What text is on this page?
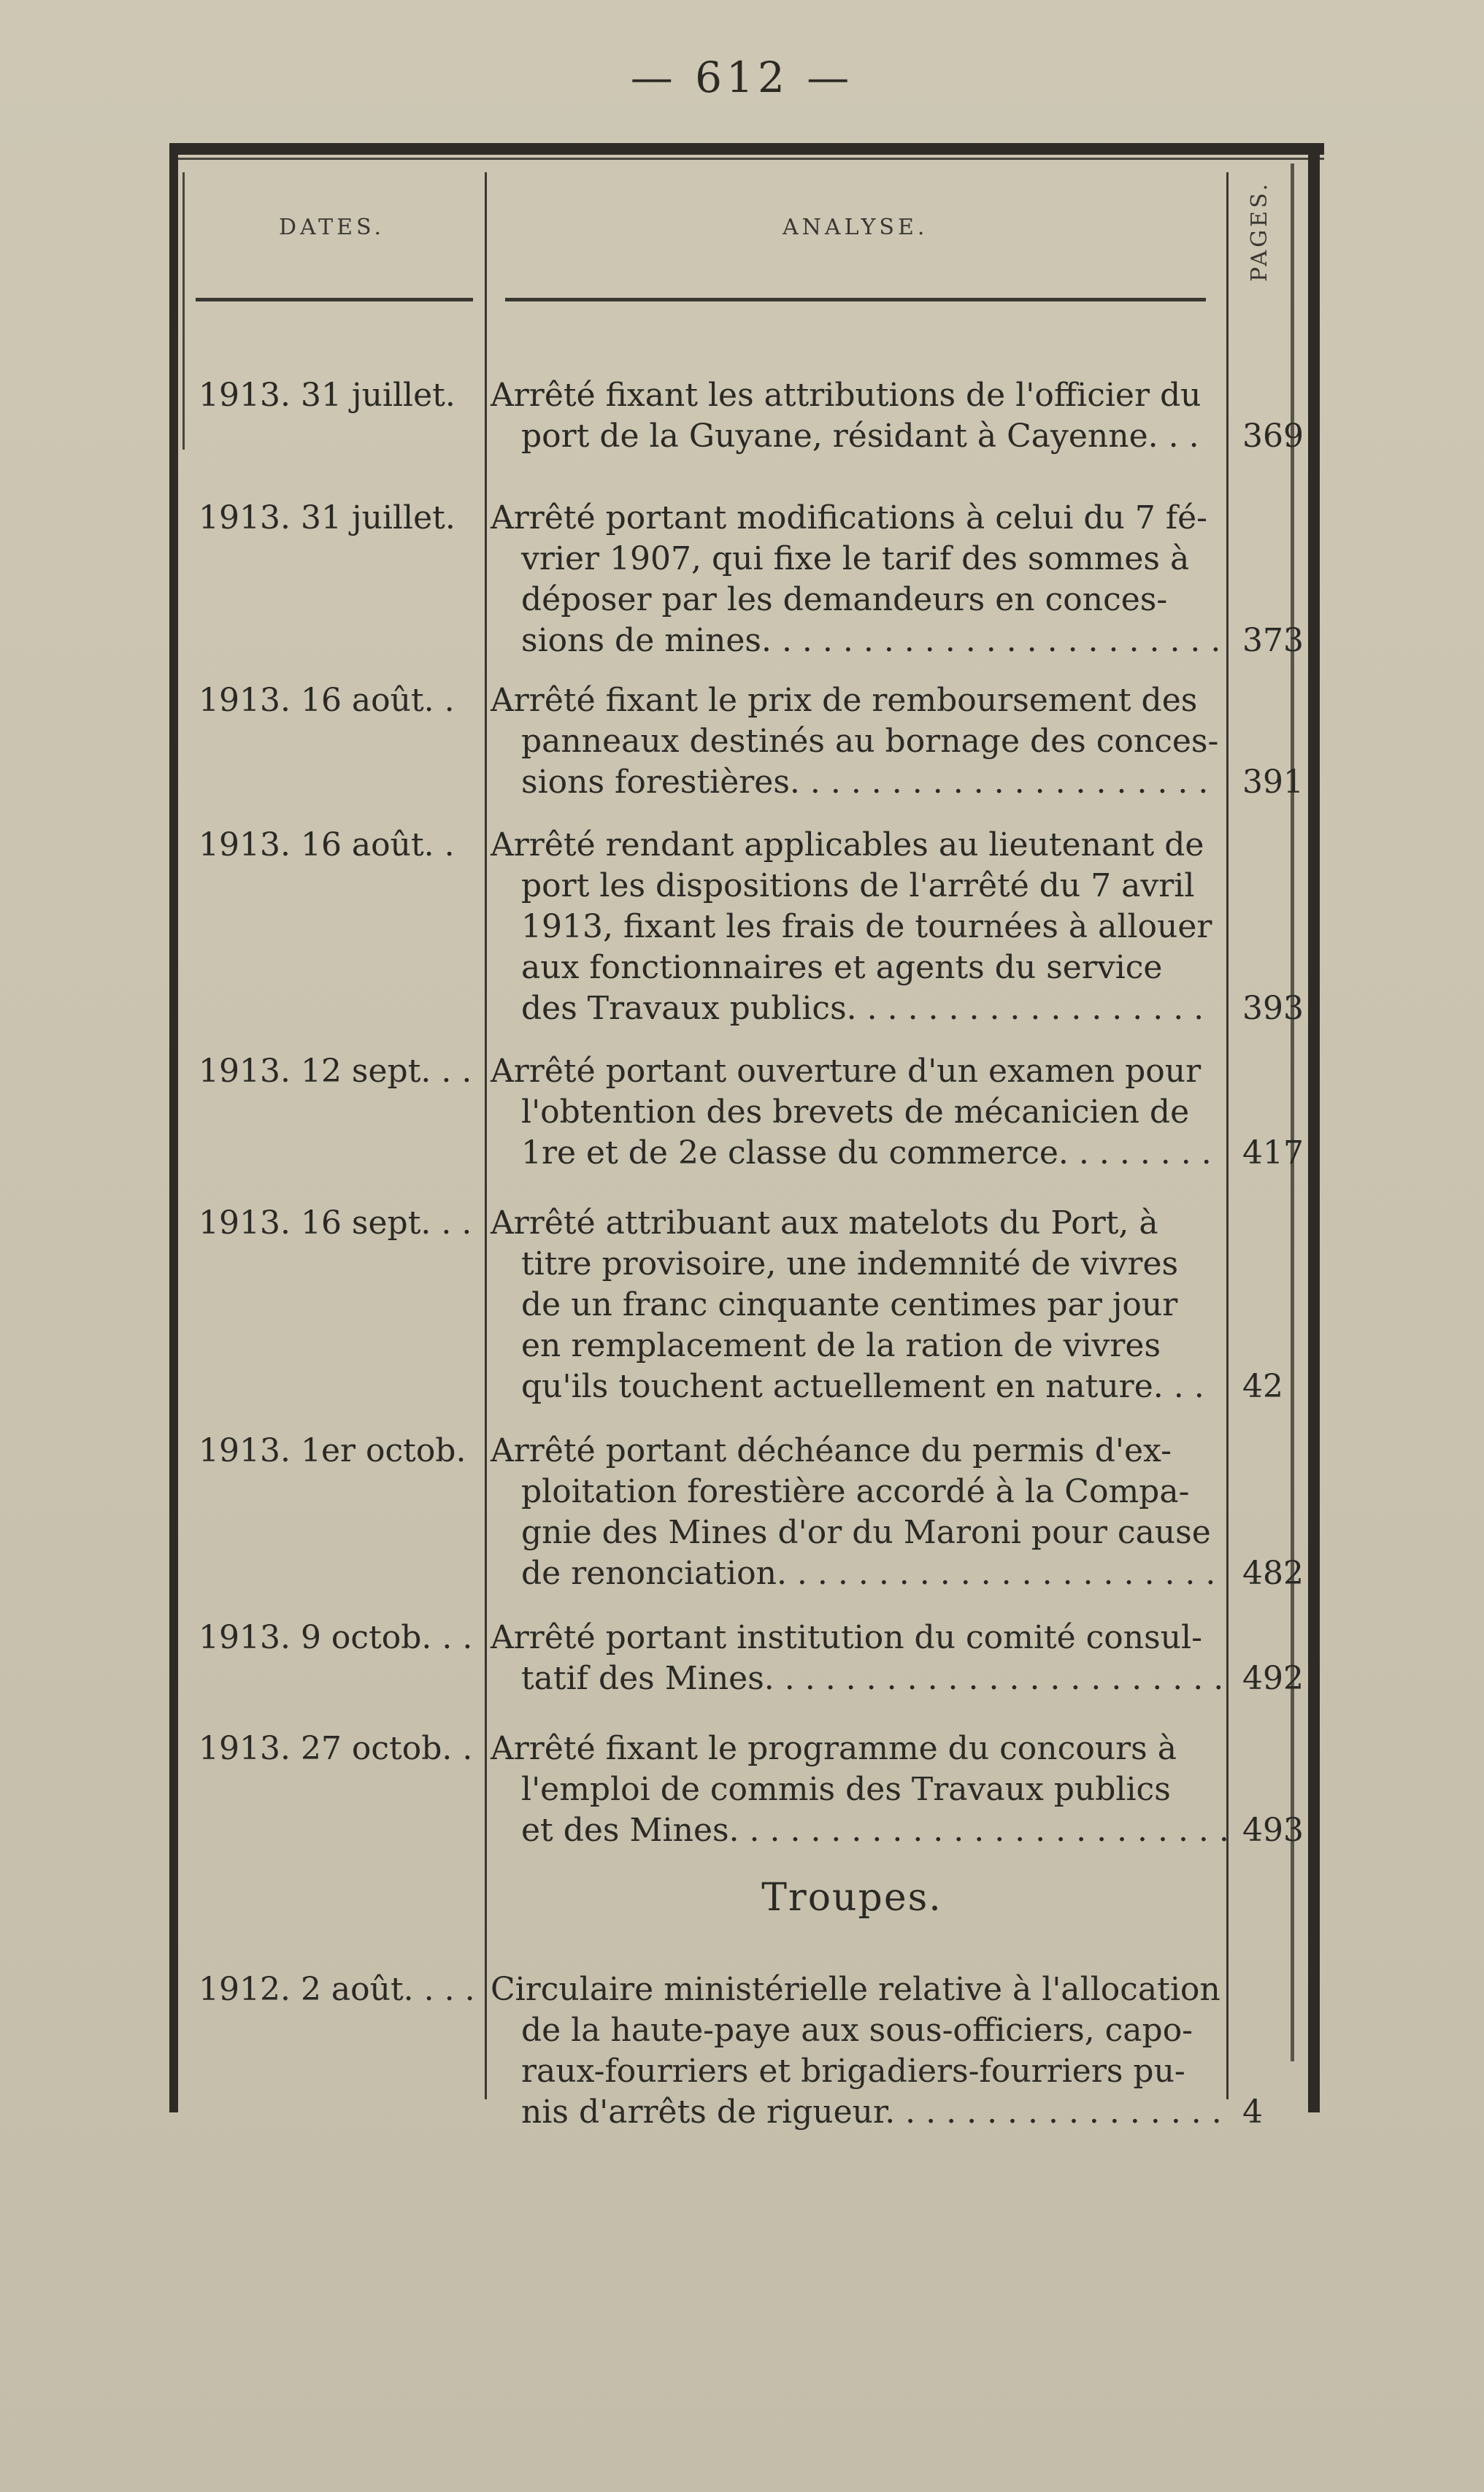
— 612 —
DATES.	ANALYSE.	PAGES.
1913. 31 juillet. Arrêté fixant les attributions de l'officier du
port de la Guyane, résidant à Cayenne. . .	369
1913. 31 juillet. Arrêté portant modifications à celui du 7 fé-
vrier 1907, qui fixe le tarif des sommes à
déposer par les demandeurs en conces-
sions de mines. . . . . . . . . . . . . . . . . . . . . . . 373
1913. 16 août. . Arrêté fixant le prix de remboursement des
panneaux destinés au bornage des conces-
sions forestières. . . . . . . . . . . . . . . . . . . . . 391
1913. 16 août. . Arrêté rendant applicables au lieutenant de
port les dispositions de l'arrêté du 7 avril
1913, fixant les frais de tournées à allouer
aux fonctionnaires et agents du service
des Travaux publics. . . . . . . . . . . . . . . . . . 393
1913. 12 sept. . . Arrêté portant ouverture d'un examen pour
l'obtention des brevets de mécanicien de
1re et de 2e classe du commerce. . . . . . . . 417
1913. 16 sept. . . Arrêté attribuant aux matelots du Port, à
titre provisoire, une indemnité de vivres
de un franc cinquante centimes par jour
en remplacement de la ration de vivres
qu'ils touchent actuellement en nature. . . 42
1913. 1er octob. Arrêté portant déchéance du permis d'ex-
ploitation forestière accordé à la Compa-
gnie des Mines d'or du Maroni pour cause
de renonciation. . . . . . . . . . . . . . . . . . . . . . 482
1913. 9 octob. . . Arrêté portant institution du comité consul-
tatif des Mines. . . . . . . . . . . . . . . . . . . . . . . 492
1913. 27 octob. . Arrêté fixant le programme du concours à
l'emploi de commis des Travaux publics
et des Mines. . . . . . . . . . . . . . . . . . . . . . . . . 493
Troupes.
1912. 2 août. . . . Circulaire ministérielle relative à l'allocation
de la haute-paye aux sous-officiers, capo-
raux-fourriers et brigadiers-fourriers pu-
nis d'arrêts de rigueur. . . . . . . . . . . . . . . . . 4
